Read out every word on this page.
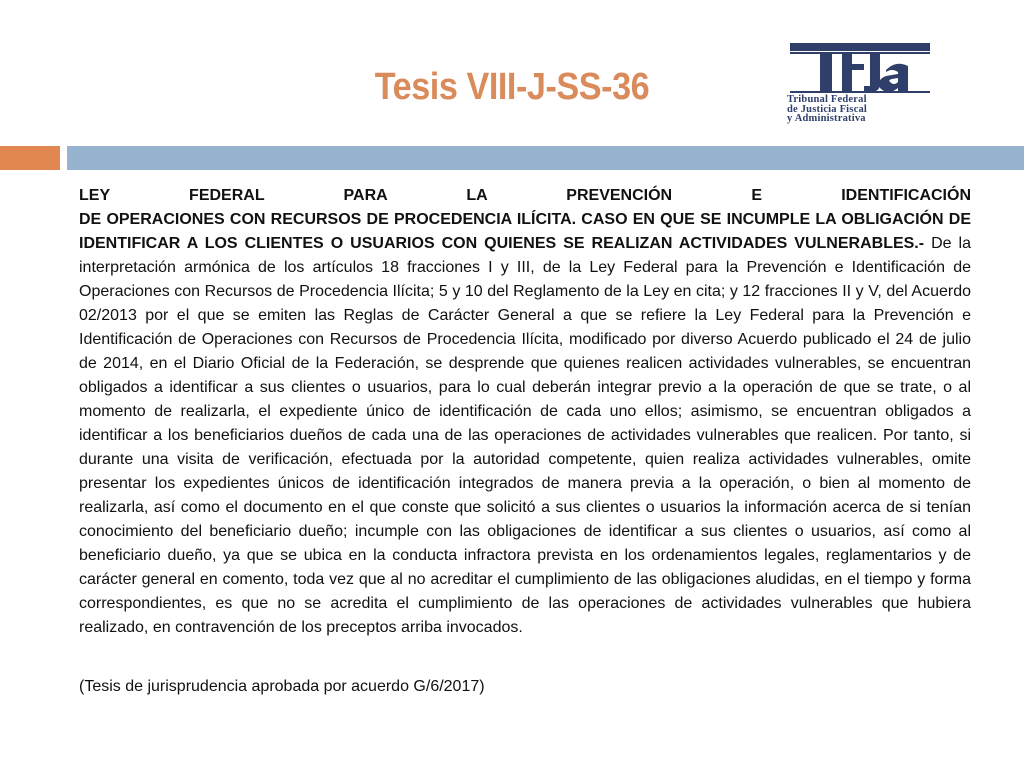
Tesis VIII-J-SS-36	Tribunal Federal
de Justicia Fiscal
y Administrativa
LEY FEDERAL PARA LA PREVENCIÓN E IDENTIFICACIÓN
DE OPERACIONES CON RECURSOS DE PROCEDENCIA ILÍCITA. CASO EN QUE SE INCUMPLE LA OBLIGACIÓN DE IDENTIFICAR A LOS CLIENTES O USUARIOS CON QUIENES SE REALIZAN ACTIVIDADES VULNERABLES.- De la interpretación armónica de los artículos 18 fracciones I y III, de la Ley Federal para la Prevención e Identificación de Operaciones con Recursos de Procedencia Ilícita; 5 y 10 del Reglamento de la Ley en cita; y 12 fracciones II y V, del Acuerdo 02/2013 por el que se emiten las Reglas de Carácter General a que se refiere la Ley Federal para la Prevención e Identificación de Operaciones con Recursos de Procedencia Ilícita, modificado por diverso Acuerdo publicado el 24 de julio de 2014, en el Diario Oficial de la Federación, se desprende que quienes realicen actividades vulnerables, se encuentran obligados a identificar a sus clientes o usuarios, para lo cual deberán integrar previo a la operación de que se trate, o al momento de realizarla, el expediente único de identificación de cada uno ellos; asimismo, se encuentran obligados a identificar a los beneficiarios dueños de cada una de las operaciones de actividades vulnerables que realicen. Por tanto, si durante una visita de verificación, efectuada por la autoridad competente, quien realiza actividades vulnerables, omite presentar los expedientes únicos de identificación integrados de manera previa a la operación, o bien al momento de realizarla, así como el documento en el que conste que solicitó a sus clientes o usuarios la información acerca de si tenían conocimiento del beneficiario dueño; incumple con las obligaciones de identificar a sus clientes o usuarios, así como al beneficiario dueño, ya que se ubica en la conducta infractora prevista en los ordenamientos legales, reglamentarios y de carácter general en comento, toda vez que al no acreditar el cumplimiento de las obligaciones aludidas, en el tiempo y forma correspondientes, es que no se acredita el cumplimiento de las operaciones de actividades vulnerables que hubiera realizado, en contravención de los preceptos arriba invocados.

(Tesis de jurisprudencia aprobada por acuerdo G/6/2017)
